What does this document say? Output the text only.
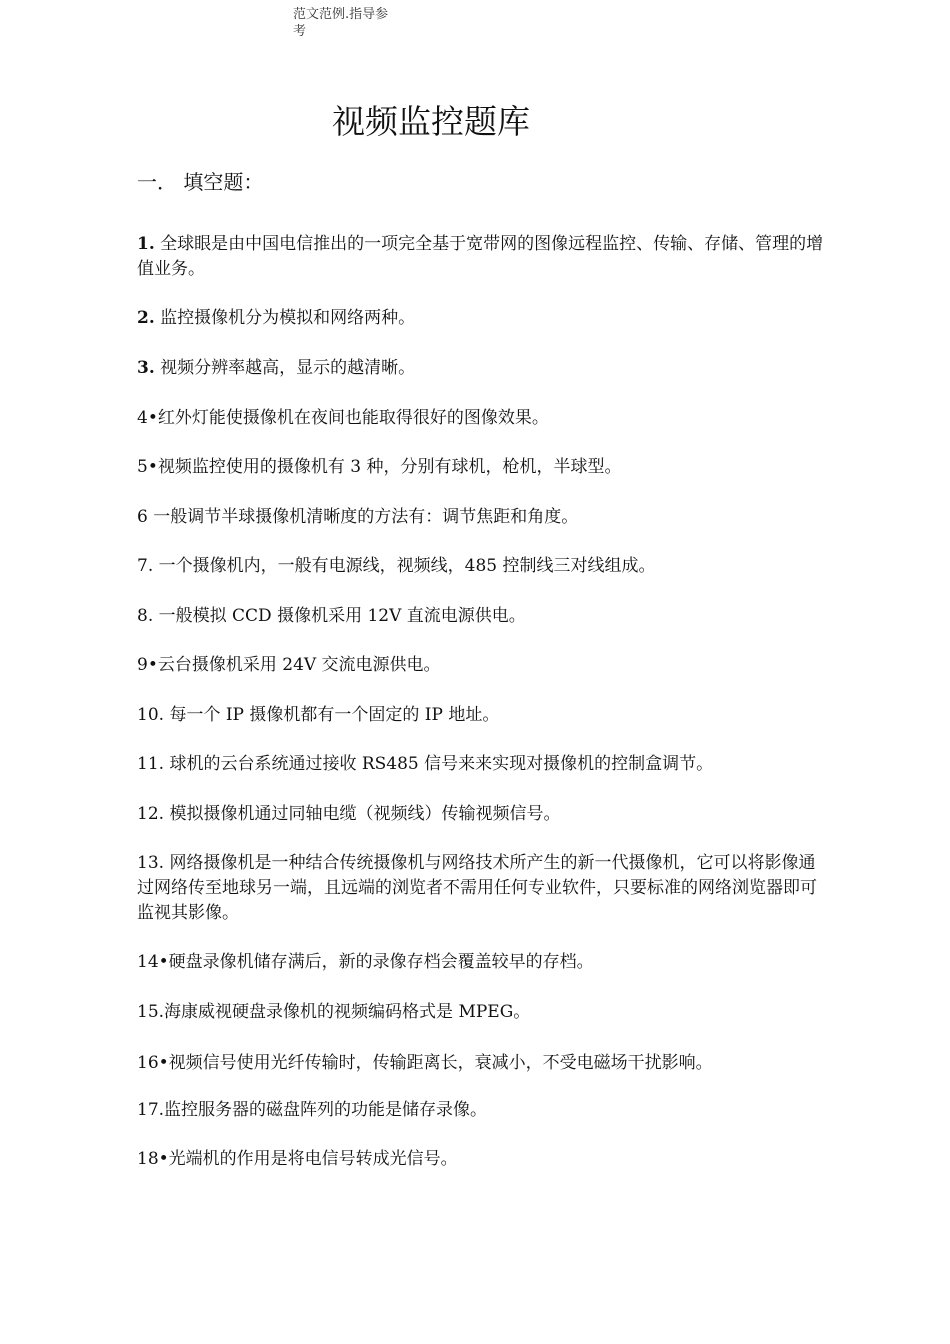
范文范例.指导参
考
视频监控题库
一． 填空题：
1. 全球眼是由中国电信推出的一项完全基于宽带网的图像远程监控、传输、存储、管理的增值业务。
2. 监控摄像机分为模拟和网络两种。
3. 视频分辨率越高，显示的越清晰。
4•红外灯能使摄像机在夜间也能取得很好的图像效果。
5•视频监控使用的摄像机有 3 种，分别有球机，枪机，半球型。
6 一般调节半球摄像机清晰度的方法有：调节焦距和角度。
7. 一个摄像机内，一般有电源线，视频线，485 控制线三对线组成。
8. 一般模拟 CCD 摄像机采用 12V 直流电源供电。
9•云台摄像机采用 24V 交流电源供电。
10. 每一个 IP 摄像机都有一个固定的 IP 地址。
11. 球机的云台系统通过接收 RS485 信号来来实现对摄像机的控制盒调节。
12. 模拟摄像机通过同轴电缆（视频线）传输视频信号。
13. 网络摄像机是一种结合传统摄像机与网络技术所产生的新一代摄像机，它可以将影像通过网络传至地球另一端，且远端的浏览者不需用任何专业软件，只要标准的网络浏览器即可监视其影像。
14•硬盘录像机储存满后，新的录像存档会覆盖较早的存档。
15.海康威视硬盘录像机的视频编码格式是 MPEG。
16•视频信号使用光纤传输时，传输距离长，衰减小，不受电磁场干扰影响。
17.监控服务器的磁盘阵列的功能是储存录像。
18•光端机的作用是将电信号转成光信号。
